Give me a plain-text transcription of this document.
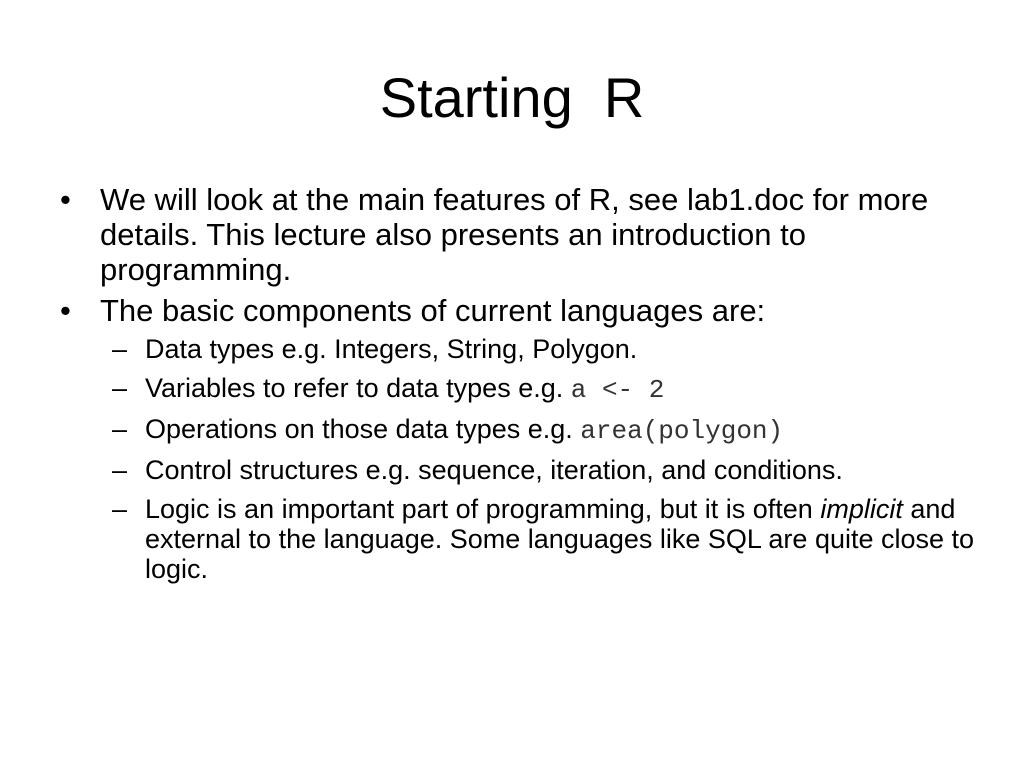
Starting  R
• We will look at the main features of R, see lab1.doc for more details. This lecture also presents an introduction to programming.
• The basic components of current languages are:
– Data types e.g. Integers, String, Polygon.
– Variables to refer to data types e.g. a <- 2
– Operations on those data types e.g. area(polygon)
– Control structures e.g. sequence, iteration, and conditions.
– Logic is an important part of programming, but it is often implicit and external to the language. Some languages like SQL are quite close to logic.
